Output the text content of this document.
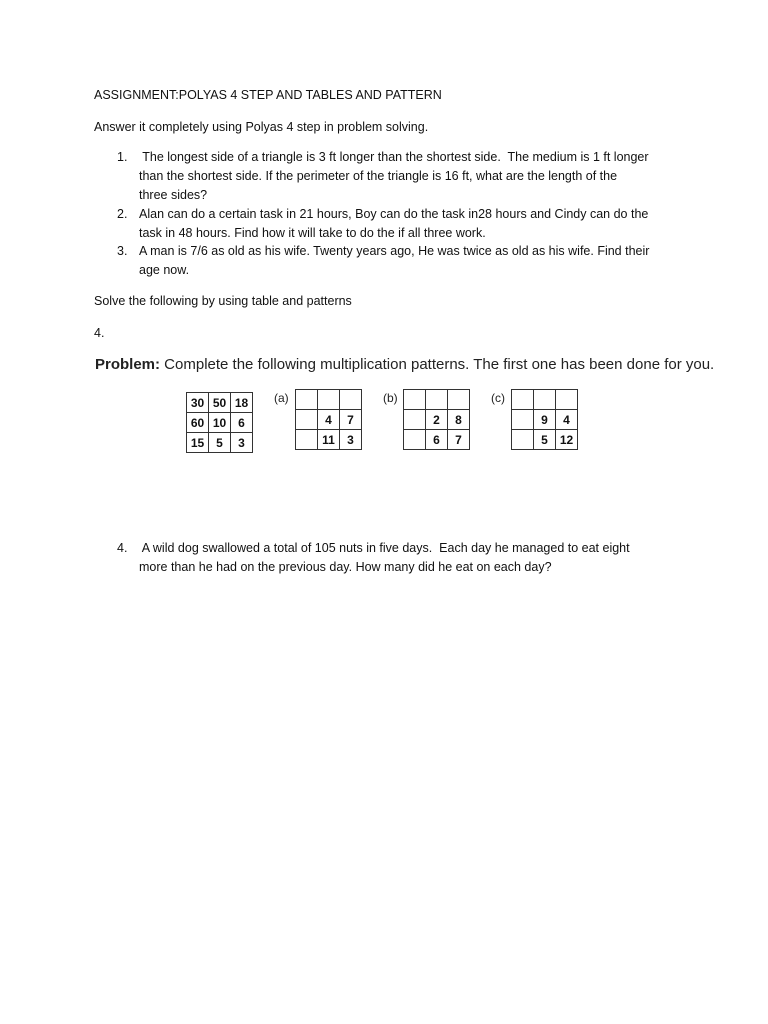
ASSIGNMENT:POLYAS 4 STEP AND TABLES AND PATTERN
Answer it completely using Polyas 4 step in problem solving.
1. The longest side of a triangle is 3 ft longer than the shortest side.  The medium is 1 ft longer
than the shortest side. If the perimeter of the triangle is 16 ft, what are the length of the
three sides?
2. Alan can do a certain task in 21 hours, Boy can do the task in28 hours and Cindy can do the
task in 48 hours. Find how it will take to do the if all three work.
3. A man is 7/6 as old as his wife. Twenty years ago, He was twice as old as his wife. Find their
age now.
Solve the following by using table and patterns
4.
Problem: Complete the following multiplication patterns. The first one has been done for you.
30	50	18
60	10	6
15	5	3
(a)

	4	7
	11	3
(b)

	2	8
	6	7
(c)

	9	4
	5	12
4. A wild dog swallowed a total of 105 nuts in five days.  Each day he managed to eat eight
more than he had on the previous day. How many did he eat on each day?
